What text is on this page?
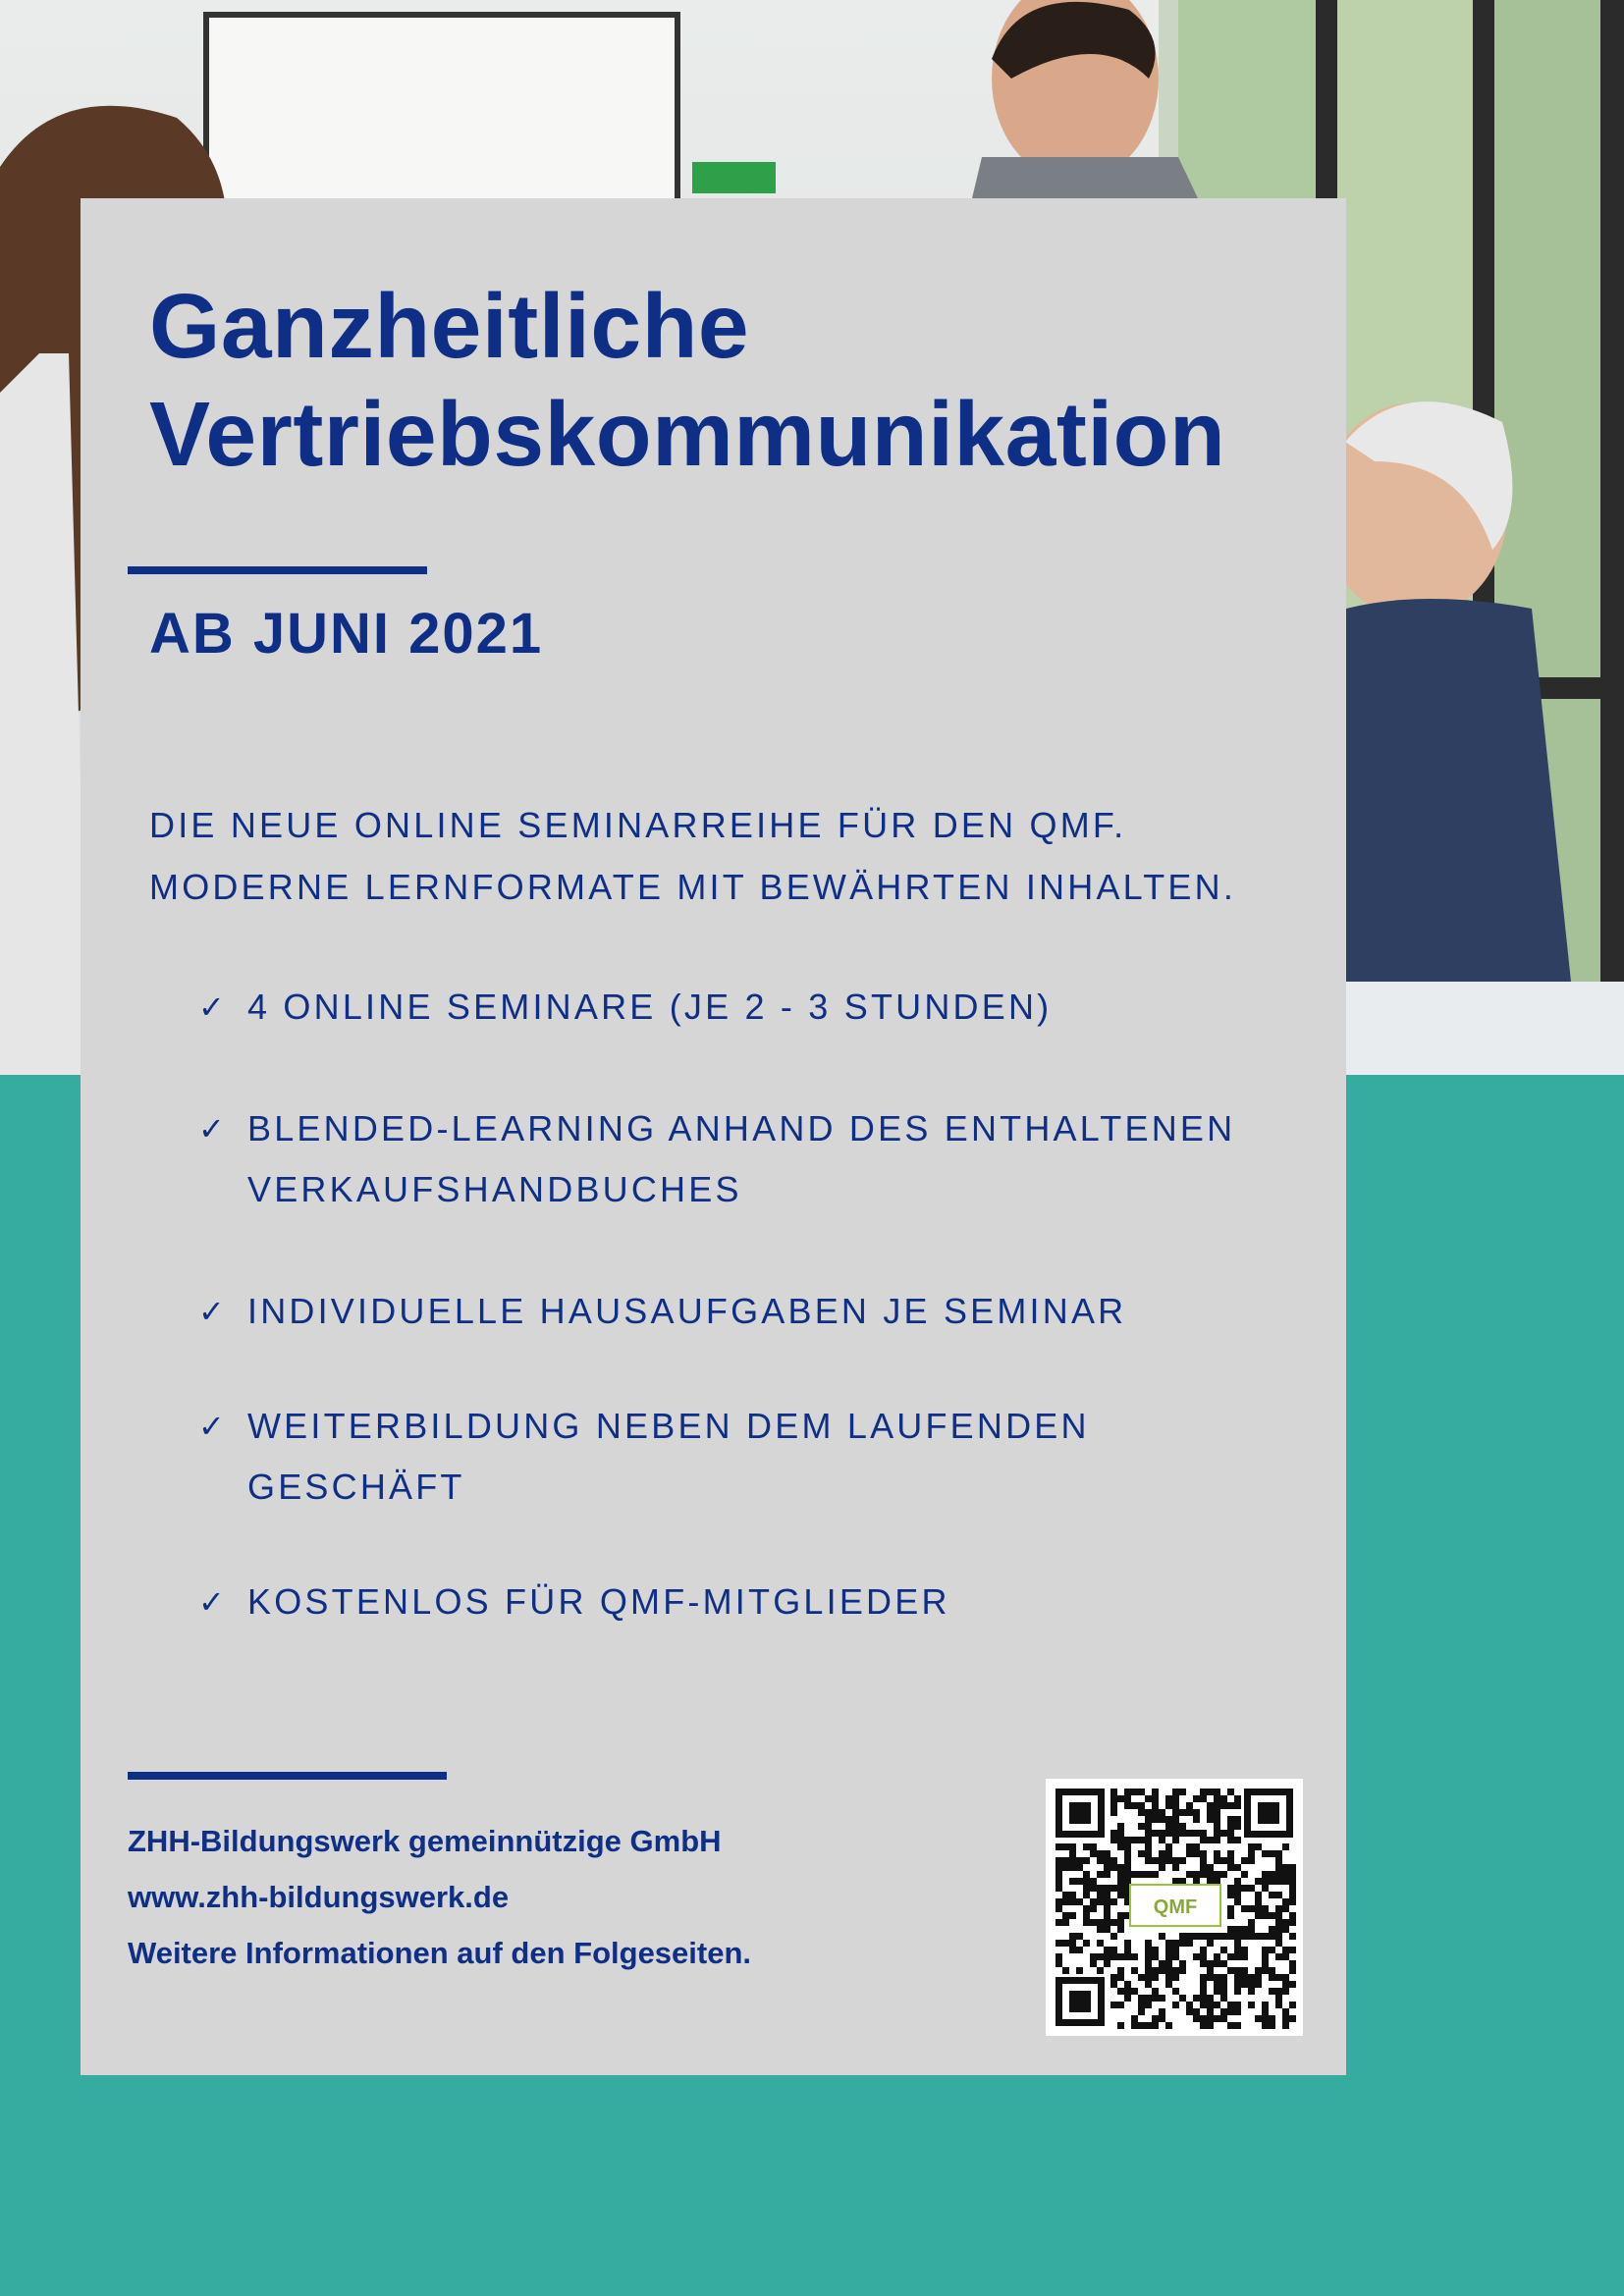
Ganzheitliche
Vertriebskommunikation
AB JUNI 2021
DIE NEUE ONLINE SEMINARREIHE FÜR DEN QMF.
MODERNE LERNFORMATE MIT BEWÄHRTEN INHALTEN.
✓ 4 ONLINE SEMINARE (JE 2 - 3 STUNDEN)
✓ BLENDED-LEARNING ANHAND DES ENTHALTENEN
VERKAUFSHANDBUCHES
✓ INDIVIDUELLE HAUSAUFGABEN JE SEMINAR
✓ WEITERBILDUNG NEBEN DEM LAUFENDEN
GESCHÄFT
✓ KOSTENLOS FÜR QMF-MITGLIEDER
ZHH-Bildungswerk gemeinnützige GmbH
www.zhh-bildungswerk.de
Weitere Informationen auf den Folgeseiten.
QMF
